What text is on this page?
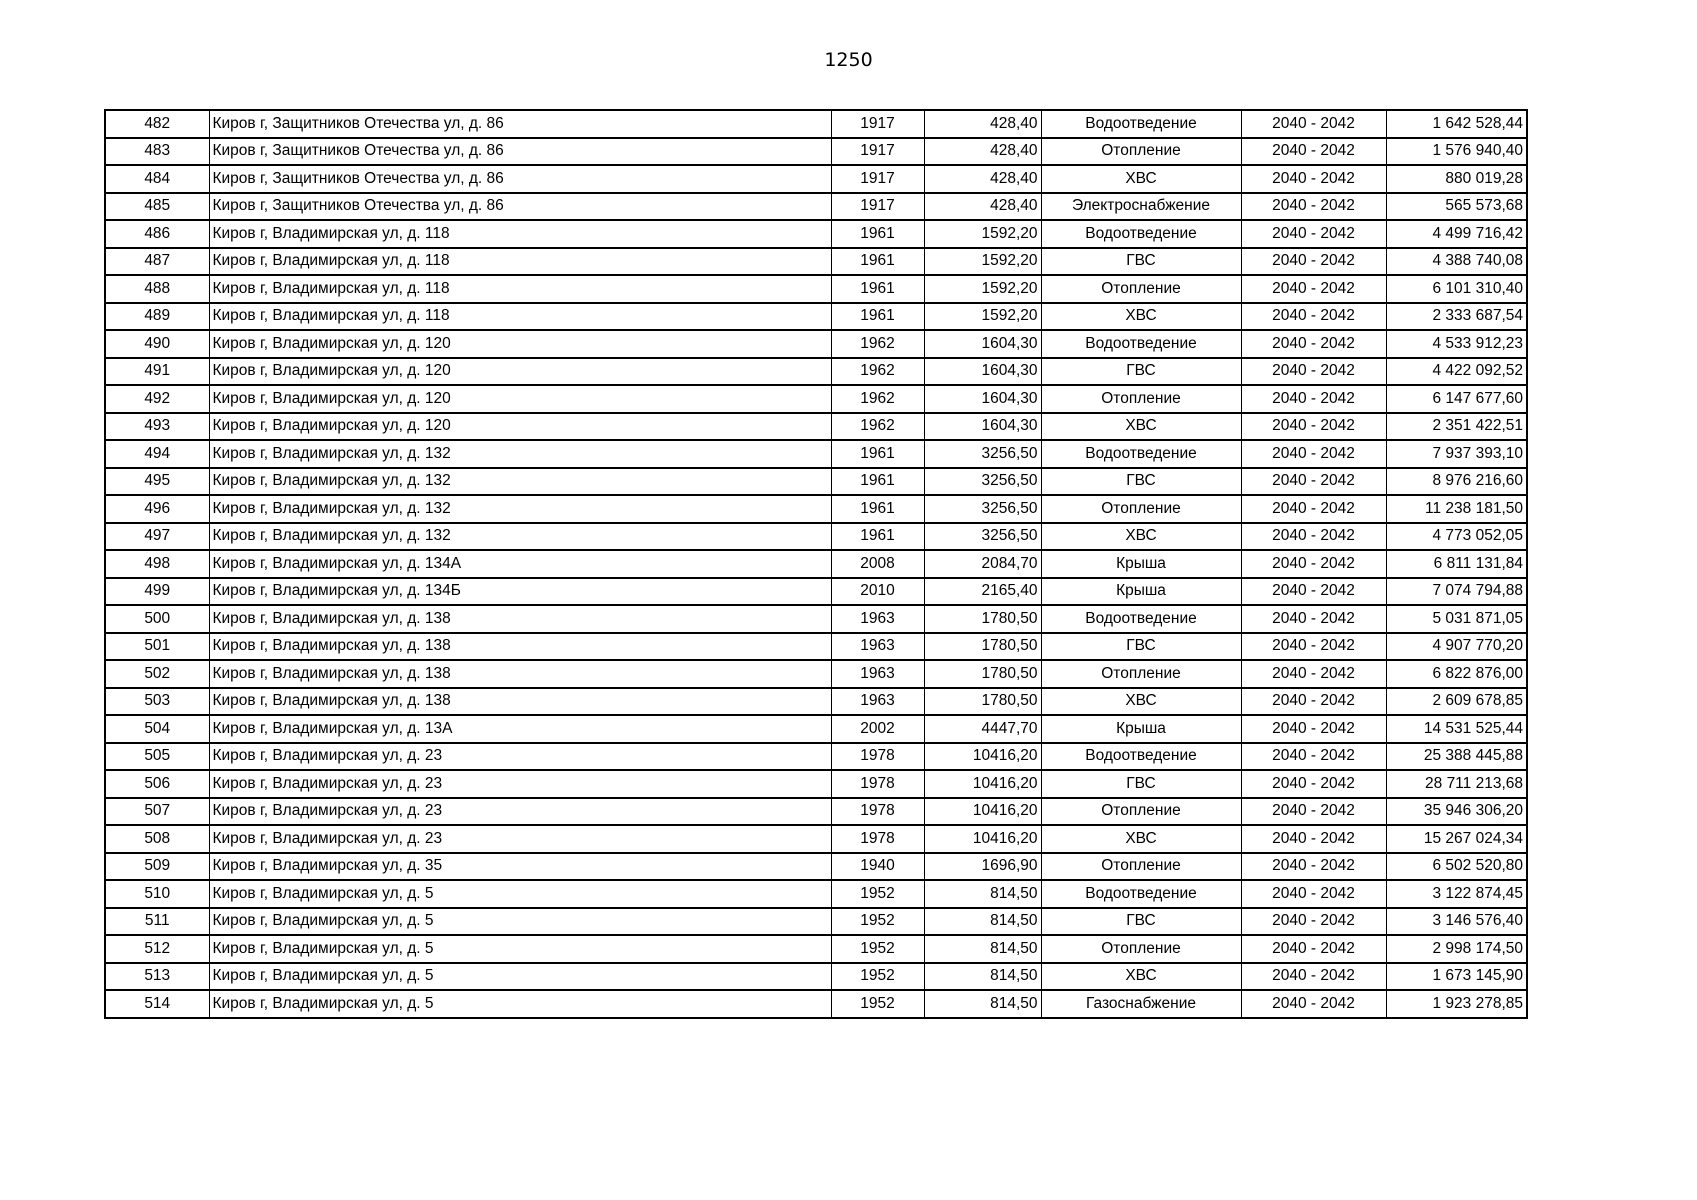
1250
482	Киров г, Защитников Отечества ул, д. 86	1917	428,40	Водоотведение	2040 - 2042	1 642 528,44
483	Киров г, Защитников Отечества ул, д. 86	1917	428,40	Отопление	2040 - 2042	1 576 940,40
484	Киров г, Защитников Отечества ул, д. 86	1917	428,40	ХВС	2040 - 2042	880 019,28
485	Киров г, Защитников Отечества ул, д. 86	1917	428,40	Электроснабжение	2040 - 2042	565 573,68
486	Киров г, Владимирская ул, д. 118	1961	1592,20	Водоотведение	2040 - 2042	4 499 716,42
487	Киров г, Владимирская ул, д. 118	1961	1592,20	ГВС	2040 - 2042	4 388 740,08
488	Киров г, Владимирская ул, д. 118	1961	1592,20	Отопление	2040 - 2042	6 101 310,40
489	Киров г, Владимирская ул, д. 118	1961	1592,20	ХВС	2040 - 2042	2 333 687,54
490	Киров г, Владимирская ул, д. 120	1962	1604,30	Водоотведение	2040 - 2042	4 533 912,23
491	Киров г, Владимирская ул, д. 120	1962	1604,30	ГВС	2040 - 2042	4 422 092,52
492	Киров г, Владимирская ул, д. 120	1962	1604,30	Отопление	2040 - 2042	6 147 677,60
493	Киров г, Владимирская ул, д. 120	1962	1604,30	ХВС	2040 - 2042	2 351 422,51
494	Киров г, Владимирская ул, д. 132	1961	3256,50	Водоотведение	2040 - 2042	7 937 393,10
495	Киров г, Владимирская ул, д. 132	1961	3256,50	ГВС	2040 - 2042	8 976 216,60
496	Киров г, Владимирская ул, д. 132	1961	3256,50	Отопление	2040 - 2042	11 238 181,50
497	Киров г, Владимирская ул, д. 132	1961	3256,50	ХВС	2040 - 2042	4 773 052,05
498	Киров г, Владимирская ул, д. 134А	2008	2084,70	Крыша	2040 - 2042	6 811 131,84
499	Киров г, Владимирская ул, д. 134Б	2010	2165,40	Крыша	2040 - 2042	7 074 794,88
500	Киров г, Владимирская ул, д. 138	1963	1780,50	Водоотведение	2040 - 2042	5 031 871,05
501	Киров г, Владимирская ул, д. 138	1963	1780,50	ГВС	2040 - 2042	4 907 770,20
502	Киров г, Владимирская ул, д. 138	1963	1780,50	Отопление	2040 - 2042	6 822 876,00
503	Киров г, Владимирская ул, д. 138	1963	1780,50	ХВС	2040 - 2042	2 609 678,85
504	Киров г, Владимирская ул, д. 13А	2002	4447,70	Крыша	2040 - 2042	14 531 525,44
505	Киров г, Владимирская ул, д. 23	1978	10416,20	Водоотведение	2040 - 2042	25 388 445,88
506	Киров г, Владимирская ул, д. 23	1978	10416,20	ГВС	2040 - 2042	28 711 213,68
507	Киров г, Владимирская ул, д. 23	1978	10416,20	Отопление	2040 - 2042	35 946 306,20
508	Киров г, Владимирская ул, д. 23	1978	10416,20	ХВС	2040 - 2042	15 267 024,34
509	Киров г, Владимирская ул, д. 35	1940	1696,90	Отопление	2040 - 2042	6 502 520,80
510	Киров г, Владимирская ул, д. 5	1952	814,50	Водоотведение	2040 - 2042	3 122 874,45
511	Киров г, Владимирская ул, д. 5	1952	814,50	ГВС	2040 - 2042	3 146 576,40
512	Киров г, Владимирская ул, д. 5	1952	814,50	Отопление	2040 - 2042	2 998 174,50
513	Киров г, Владимирская ул, д. 5	1952	814,50	ХВС	2040 - 2042	1 673 145,90
514	Киров г, Владимирская ул, д. 5	1952	814,50	Газоснабжение	2040 - 2042	1 923 278,85
